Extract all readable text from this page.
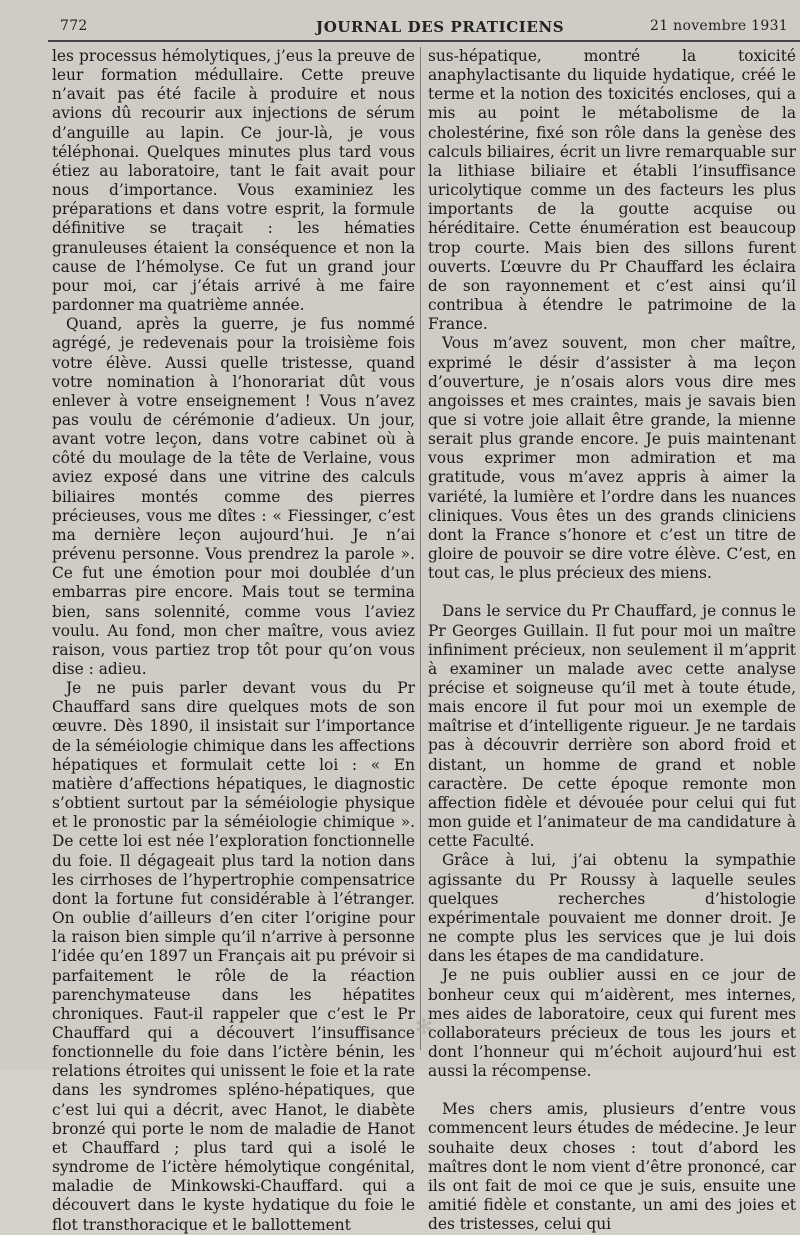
772	JOURNAL DES PRATICIENS	21 novembre 1931

les processus hémolytiques, j’eus la preuve de leur formation médullaire. Cette preuve n’avait pas été facile à produire et nous avions dû recourir aux injections de sérum d’anguille au lapin. Ce jour-là, je vous téléphonai. Quelques minutes plus tard vous étiez au laboratoire, tant le fait avait pour nous d’importance. Vous examiniez les préparations et dans votre esprit, la formule définitive se traçait : les hématies granuleuses étaient la conséquence et non la cause de l’hémolyse. Ce fut un grand jour pour moi, car j’étais arrivé à me faire pardonner ma quatrième année.

Quand, après la guerre, je fus nommé agrégé, je redevenais pour la troisième fois votre élève. Aussi quelle tristesse, quand votre nomination à l’honorariat dût vous enlever à votre enseignement ! Vous n’avez pas voulu de cérémonie d’adieux. Un jour, avant votre leçon, dans votre cabinet où à côté du moulage de la tête de Verlaine, vous aviez exposé dans une vitrine des calculs biliaires montés comme des pierres précieuses, vous me dîtes : « Fiessinger, c’est ma dernière leçon aujourd’hui. Je n’ai prévenu personne. Vous prendrez la parole ». Ce fut une émotion pour moi doublée d’un embarras pire encore. Mais tout se termina bien, sans solennité, comme vous l’aviez voulu. Au fond, mon cher maître, vous aviez raison, vous partiez trop tôt pour qu’on vous dise : adieu.

Je ne puis parler devant vous du Pr Chauffard sans dire quelques mots de son œuvre. Dès 1890, il insistait sur l’importance de la séméiologie chimique dans les affections hépatiques et formulait cette loi : « En matière d’affections hépatiques, le diagnostic s’obtient surtout par la séméiologie physique et le pronostic par la séméiologie chimique ». De cette loi est née l’exploration fonctionnelle du foie. Il dégageait plus tard la notion dans les cirrhoses de l’hypertrophie compensatrice dont la fortune fut considérable à l’étranger. On oublie d’ailleurs d’en citer l’origine pour la raison bien simple qu’il n’arrive à personne l’idée qu’en 1897 un Français ait pu prévoir si parfaitement le rôle de la réaction parenchymateuse dans les hépatites chroniques. Faut-il rappeler que c’est le Pr Chauffard qui a découvert l’insuffisance fonctionnelle du foie dans l’ictère bénin, les relations étroites qui unissent le foie et la rate dans les syndromes spléno-hépatiques, que c’est lui qui a décrit, avec Hanot, le diabète bronzé qui porte le nom de maladie de Hanot et Chauffard ; plus tard qui a isolé le syndrome de l’ictère hémolytique congénital, maladie de Minkowski-Chauffard. qui a découvert dans le kyste hydatique du foie le flot transthoracique et le ballottement

sus-hépatique, montré la toxicité anaphylactisante du liquide hydatique, créé le terme et la notion des toxicités encloses, qui a mis au point le métabolisme de la cholestérine, fixé son rôle dans la genèse des calculs biliaires, écrit un livre remarquable sur la lithiase biliaire et établi l’insuffisance uricolytique comme un des facteurs les plus importants de la goutte acquise ou héréditaire. Cette énumération est beaucoup trop courte. Mais bien des sillons furent ouverts. L’œuvre du Pr Chauffard les éclaira de son rayonnement et c’est ainsi qu’il contribua à étendre le patrimoine de la France.

Vous m’avez souvent, mon cher maître, exprimé le désir d’assister à ma leçon d’ouverture, je n’osais alors vous dire mes angoisses et mes craintes, mais je savais bien que si votre joie allait être grande, la mienne serait plus grande encore. Je puis maintenant vous exprimer mon admiration et ma gratitude, vous m’avez appris à aimer la variété, la lumière et l’ordre dans les nuances cliniques. Vous êtes un des grands cliniciens dont la France s’honore et c’est un titre de gloire de pouvoir se dire votre élève. C’est, en tout cas, le plus précieux des miens.

Dans le service du Pr Chauffard, je connus le Pr Georges Guillain. Il fut pour moi un maître infiniment précieux, non seulement il m’apprit à examiner un malade avec cette analyse précise et soigneuse qu’il met à toute étude, mais encore il fut pour moi un exemple de maîtrise et d’intelligente rigueur. Je ne tardais pas à découvrir derrière son abord froid et distant, un homme de grand et noble caractère. De cette époque remonte mon affection fidèle et dévouée pour celui qui fut mon guide et l’animateur de ma candidature à cette Faculté.

Grâce à lui, j’ai obtenu la sympathie agissante du Pr Roussy à laquelle seules quelques recherches d’histologie expérimentale pouvaient me donner droit. Je ne compte plus les services que je lui dois dans les étapes de ma candidature.

Je ne puis oublier aussi en ce jour de bonheur ceux qui m’aidèrent, mes internes, mes aides de laboratoire, ceux qui furent mes collaborateurs précieux de tous les jours et dont l’honneur qui m’échoit aujourd’hui est aussi la récompense.

Mes chers amis, plusieurs d’entre vous commencent leurs études de médecine. Je leur souhaite deux choses : tout d’abord les maîtres dont le nom vient d’être prononcé, car ils ont fait de moi ce que je suis, ensuite une amitié fidèle et constante, un ami des joies et des tristesses, celui qui

✻
